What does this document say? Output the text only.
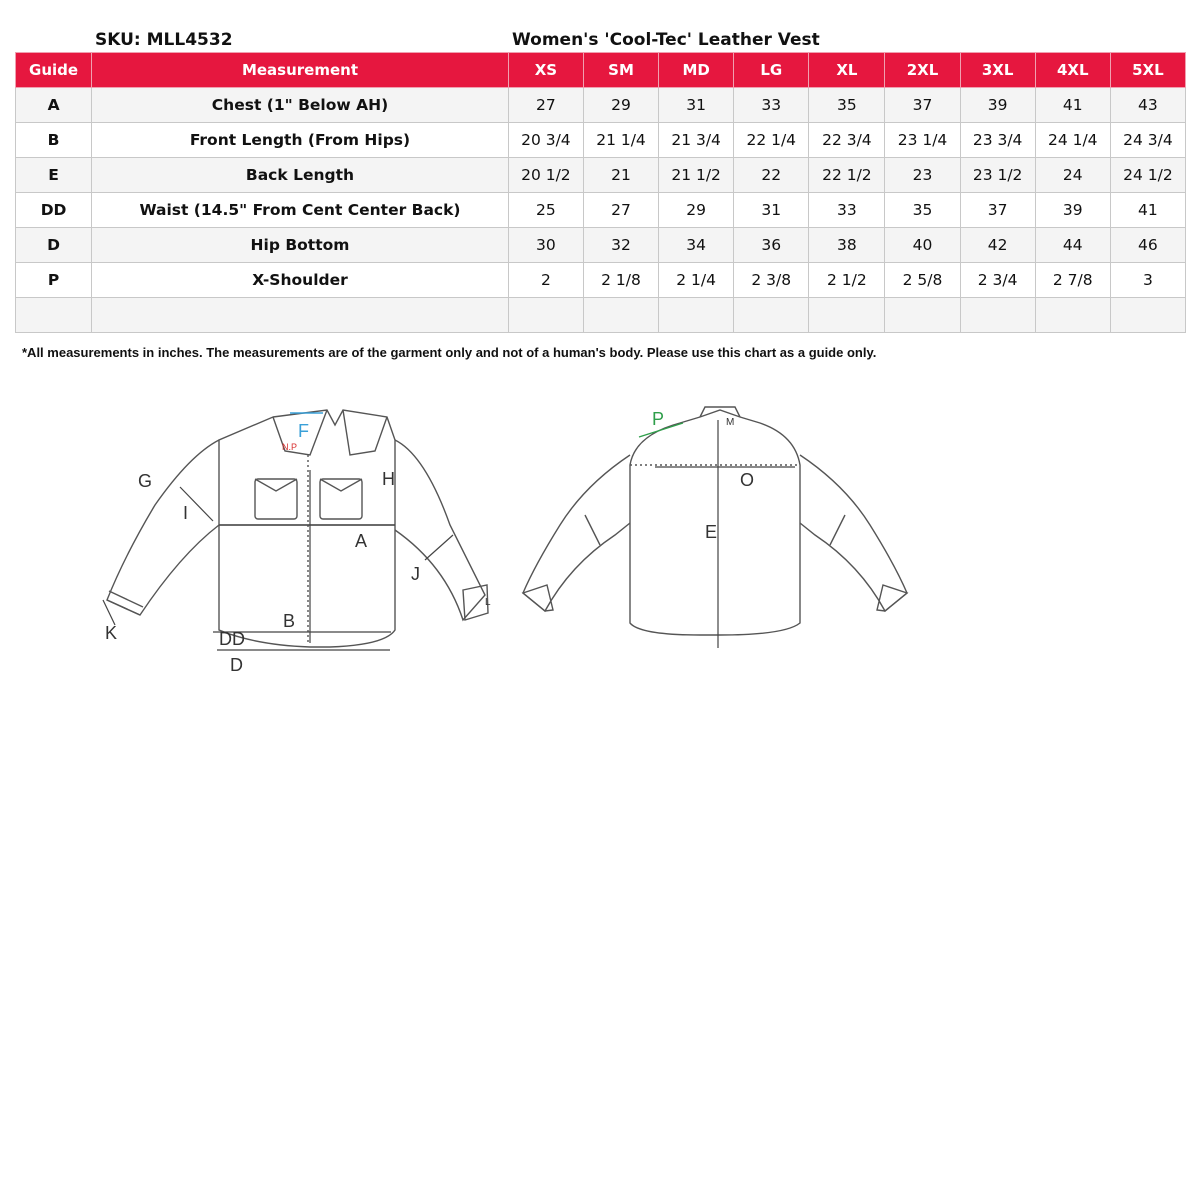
SKU: MLL4532	Women's 'Cool-Tec' Leather Vest
Guide	Measurement	XS	SM	MD	LG	XL	2XL	3XL	4XL	5XL
A	Chest (1" Below AH)	27	29	31	33	35	37	39	41	43
B	Front Length (From Hips)	20 3/4	21 1/4	21 3/4	22 1/4	22 3/4	23 1/4	23 3/4	24 1/4	24 3/4
E	Back Length	20 1/2	21	21 1/2	22	22 1/2	23	23 1/2	24	24 1/2
DD	Waist (14.5" From Cent Center Back)	25	27	29	31	33	35	37	39	41
D	Hip Bottom	30	32	34	36	38	40	42	44	46
P	X-Shoulder	2	2 1/8	2 1/4	2 3/8	2 1/2	2 5/8	2 3/4	2 7/8	3

*All measurements in inches. The measurements are of the garment only and not of a human's body. Please use this chart as a guide only.
G
I
F
N.P
H
A
J
K
B
DD
D
L
P	M
O
E
